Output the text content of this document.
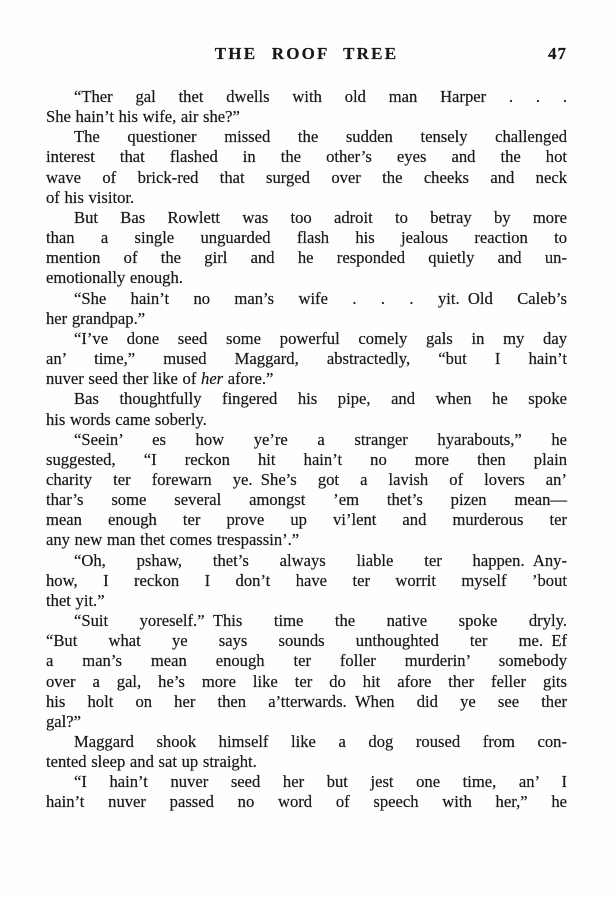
THE ROOF TREE	47
“Ther gal thet dwells with old man Harper . . .
She hain’t his wife, air she?”
The questioner missed the sudden tensely challenged
interest that flashed in the other’s eyes and the hot
wave of brick-red that surged over the cheeks and neck
of his visitor.
But Bas Rowlett was too adroit to betray by more
than a single unguarded flash his jealous reaction to
mention of the girl and he responded quietly and un-
emotionally enough.
“She hain’t no man’s wife . . . yit. Old Caleb’s
her grandpap.”
“I’ve done seed some powerful comely gals in my day
an’ time,” mused Maggard, abstractedly, “but I hain’t
nuver seed ther like of her afore.”
Bas thoughtfully fingered his pipe, and when he spoke
his words came soberly.
“Seein’ es how ye’re a stranger hyarabouts,” he
suggested, “I reckon hit hain’t no more then plain
charity ter forewarn ye. She’s got a lavish of lovers an’
thar’s some several amongst ’em thet’s pizen mean—
mean enough ter prove up vi’lent and murderous ter
any new man thet comes trespassin’.”
“Oh, pshaw, thet’s always liable ter happen. Any-
how, I reckon I don’t have ter worrit myself ’bout
thet yit.”
“Suit yoreself.” This time the native spoke dryly.
“But what ye says sounds unthoughted ter me. Ef
a man’s mean enough ter foller murderin’ somebody
over a gal, he’s more like ter do hit afore ther feller gits
his holt on her then a’tterwards. When did ye see ther
gal?”
Maggard shook himself like a dog roused from con-
tented sleep and sat up straight.
“I hain’t nuver seed her but jest one time, an’ I
hain’t nuver passed no word of speech with her,” he
